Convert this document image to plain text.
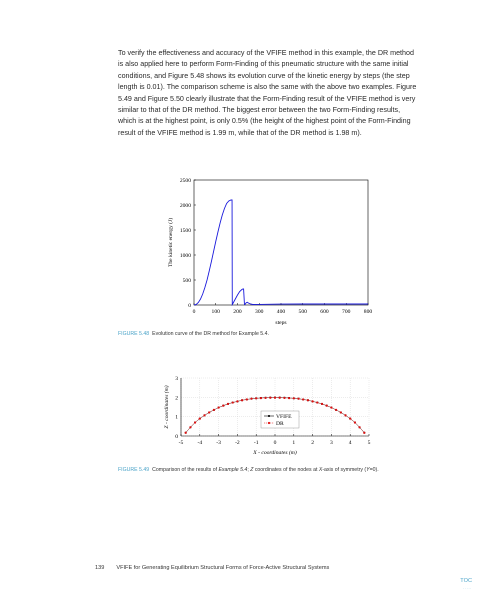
To verify the effectiveness and accuracy of the VFIFE method in this example, the DR method is also applied here to perform Form-Finding of this pneumatic structure with the same initial conditions, and Figure 5.48 shows its evolution curve of the kinetic energy by steps (the step length is 0.01). The comparison scheme is also the same with the above two examples. Figure 5.49 and Figure 5.50 clearly illustrate that the Form-Finding result of the VFIFE method is very similar to that of the DR method. The biggest error between the two Form-Finding results, which is at the highest point, is only 0.5% (the height of the highest point of the Form-Finding result of the VFIFE method is 1.99 m, while that of the DR method is 1.98 m).

0	100 200 300 400 500 600 700 800
0
500
1000
1500
2000
2500
steps
The kinetic energy (J)
FIGURE 5.48 Evolution curve of the DR method for Example 5.4.
-5	-4	-3	-2	-1	0	1	2	3	4	5
0
1
2
3
X - coordinates (m)
Z - coordinates (m)	VFIFE
DR
FIGURE 5.49 Comparison of the results of Example 5.4; Z coordinates of the nodes at X-axis of symmetry (Y=0).
139 VFIFE for Generating Equilibrium Structural Forms of Force-Active Structural Systems
TOC
·····
